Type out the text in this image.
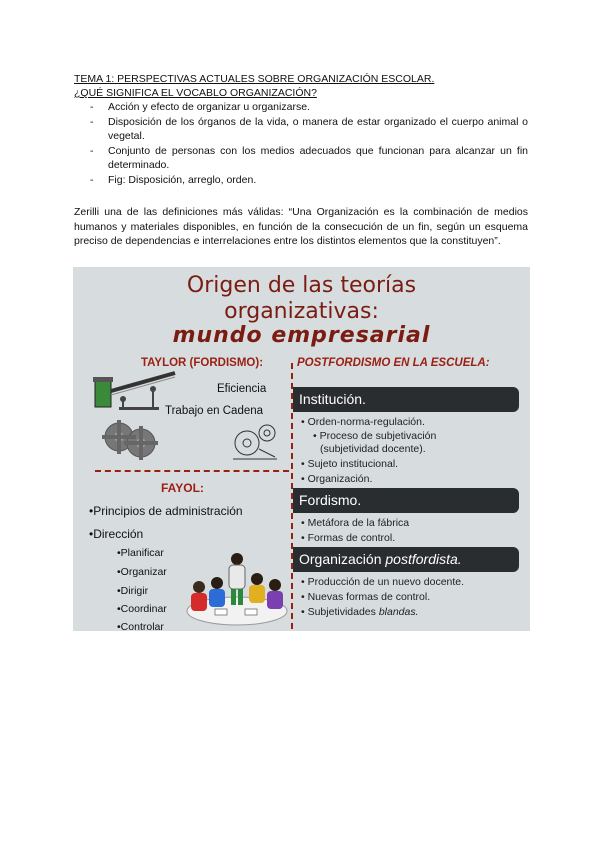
TEMA 1: PERSPECTIVAS ACTUALES SOBRE ORGANIZACIÓN ESCOLAR.
¿QUÉ SIGNIFICA EL VOCABLO ORGANIZACIÓN?
- Acción y efecto de organizar u organizarse.
- Disposición de los órganos de la vida, o manera de estar organizado el cuerpo animal o vegetal.
- Conjunto de personas con los medios adecuados que funcionan para alcanzar un fin determinado.
- Fig: Disposición, arreglo, orden.
Zerilli una de las definiciones más válidas: “Una Organización es la combinación de medios humanos y materiales disponibles, en función de la consecución de un fin, según un esquema preciso de dependencias e interrelaciones entre los distintos elementos que la constituyen”.
Origen de las teorías
organizativas:
mundo empresarial
TAYLOR (FORDISMO):	POSTFORDISMO EN LA ESCUELA:
Eficiencia
Trabajo en Cadena
FAYOL:
•Principios de administración
•Dirección
•Planificar
•Organizar
•Dirigir
•Coordinar
•Controlar
Institución.
• Orden-norma-regulación.
• Proceso de subjetivación
(subjetividad docente).
• Sujeto institucional.
• Organización.
Fordismo.
• Metáfora de la fábrica
• Formas de control.
Organización postfordista.
• Producción de un nuevo docente.
• Nuevas formas de control.
• Subjetividades blandas.
